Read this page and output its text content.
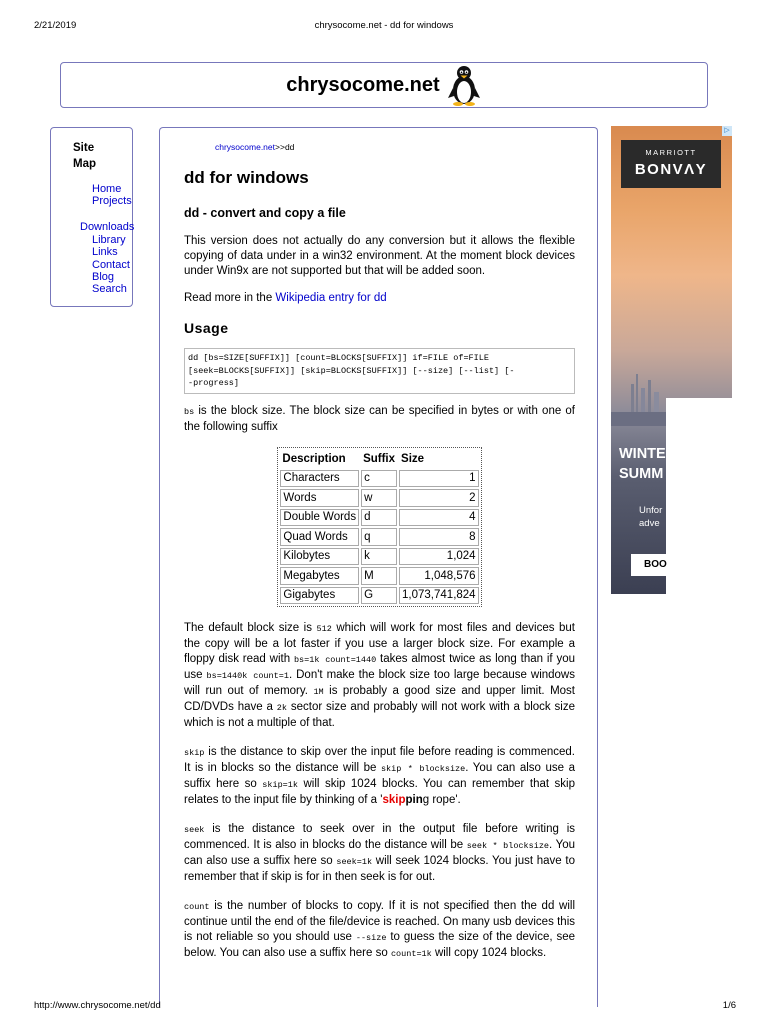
2/21/2019	chrysocome.net - dd for windows
chrysocome.net
Site Map
Home
Projects
Downloads
Library
Links
Contact
Blog
Search
chrysocome.net>>dd
dd for windows
dd - convert and copy a file

This version does not actually do any conversion but it allows the flexible copying of data under in a win32 environment. At the moment block devices under Win9x are not supported but that will be added soon.

Read more in the Wikipedia entry for dd

Usage
dd [bs=SIZE[SUFFIX]] [count=BLOCKS[SUFFIX]] if=FILE of=FILE
[seek=BLOCKS[SUFFIX]] [skip=BLOCKS[SUFFIX]] [--size] [--list] [-
-progress]

bs is the block size. The block size can be specified in bytes or with one of the following suffix

Description	Suffix	Size
Characters	c	1
Words	w	2
Double Words	d	4
Quad Words	q	8
Kilobytes	k	1,024
Megabytes	M	1,048,576
Gigabytes	G	1,073,741,824

The default block size is 512 which will work for most files and devices but the copy will be a lot faster if you use a larger block size. For example a floppy disk read with bs=1k count=1440 takes almost twice as long than if you use bs=1440k count=1. Don't make the block size too large because windows will run out of memory. 1M is probably a good size and upper limit. Most CD/DVDs have a 2k sector size and probably will not work with a block size which is not a multiple of that.

skip is the distance to skip over the input file before reading is commenced. It is in blocks so the distance will be skip * blocksize. You can also use a suffix here so skip=1k will skip 1024 blocks. You can remember that skip relates to the input file by thinking of a 'skipping rope'.

seek is the distance to seek over in the output file before writing is commenced. It is also in blocks do the distance will be seek * blocksize. You can also use a suffix here so seek=1k will seek 1024 blocks. You just have to remember that if skip is for in then seek is for out.

count is the number of blocks to copy. If it is not specified then the dd will continue until the end of the file/device is reached. On many usb devices this is not reliable so you should use --size to guess the size of the device, see below. You can also use a suffix here so count=1k will copy 1024 blocks.

▷
MARRIOTT
BONVΛY
WINTE
SUMM
Unfor
adve
BOO
http://www.chrysocome.net/dd	1/6
